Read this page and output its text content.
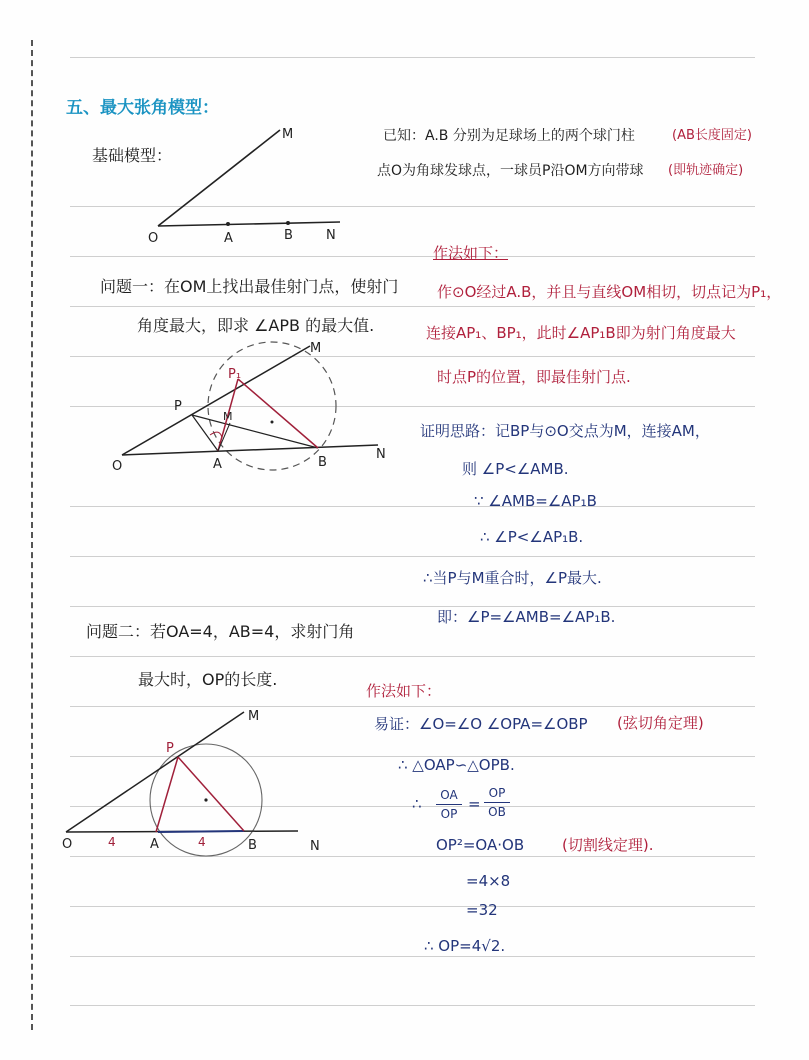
五、最大张角模型：
基础模型：
已知：A.B 分别为足球场上的两个球门柱	(AB长度固定)
点O为角球发球点，一球员P沿OM方向带球 (即轨迹确定)
O	A	B	N
M
作法如下：
作⊙O经过A.B，并且与直线OM相切，切点记为P₁，
连接AP₁、BP₁，此时∠AP₁B即为射门角度最大
时点P的位置，即最佳射门点.
问题一：在OM上找出最佳射门点，使射门
角度最大，即求 ∠APB 的最大值.
O	A	B
N
M
P
P₁
M
证明思路：记BP与⊙O交点为M，连接AM，
则 ∠P<∠AMB.
∵ ∠AMB=∠AP₁B
∴ ∠P<∠AP₁B.
∴当P与M重合时，∠P最大.
即：∠P=∠AMB=∠AP₁B.
问题二：若OA=4，AB=4，求射门角
最大时，OP的长度.
O	A	B	N
M
P
4	4
作法如下：
易证：∠O=∠O ∠OPA=∠OBP (弦切角定理)
∴ △OAP∽△OPB.
∴	OA
OP
=
OP
OB
OP²=OA·OB	(切割线定理).
=4×8
=32
∴ OP=4√2.
